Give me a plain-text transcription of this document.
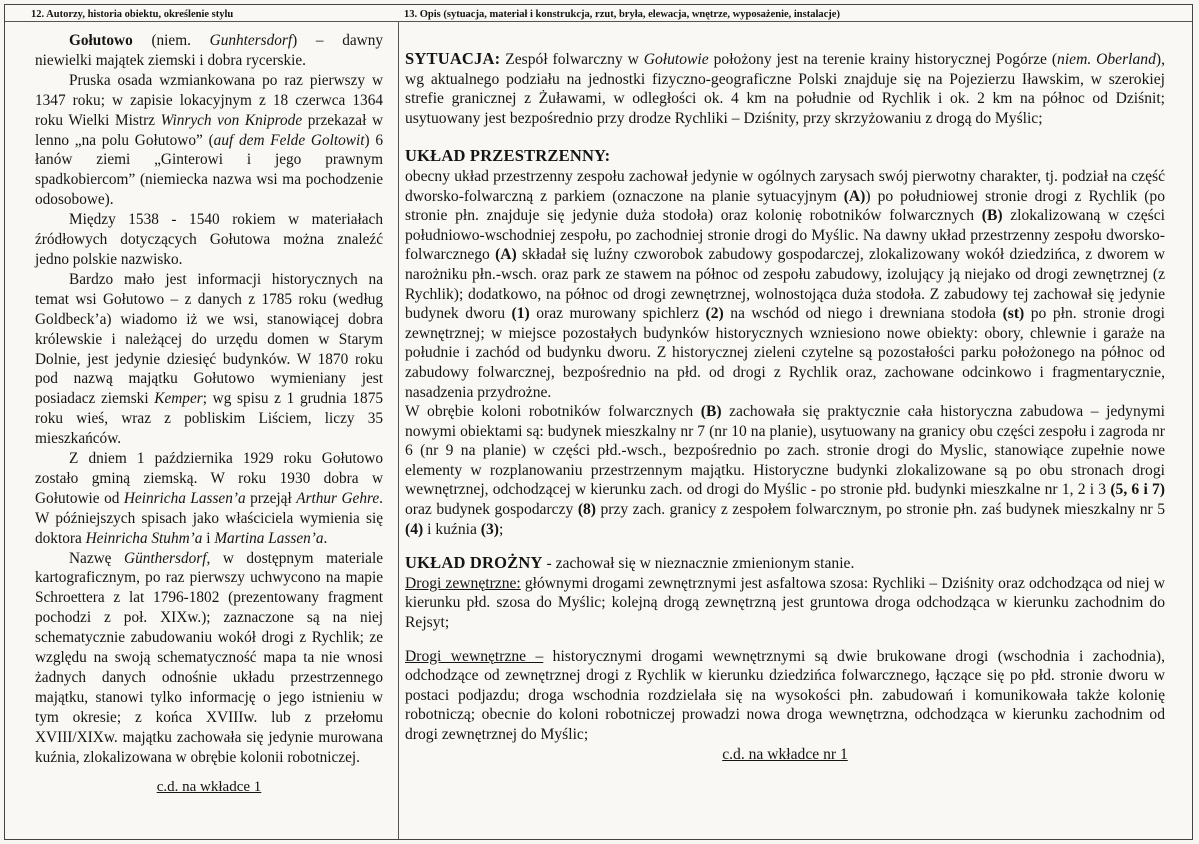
12. Autorzy, historia obiektu, określenie stylu	13. Opis (sytuacja, materiał i konstrukcja, rzut, bryła, elewacja, wnętrze, wyposażenie, instalacje)

Gołutowo (niem. Gunhtersdorf) – dawny niewielki majątek ziemski i dobra rycerskie.

Pruska osada wzmiankowana po raz pierwszy w 1347 roku; w zapisie lokacyjnym z 18 czerwca 1364 roku Wielki Mistrz Winrych von Kniprode przekazał w lenno „na polu Gołutowo” (auf dem Felde Goltowit) 6 łanów ziemi „Ginterowi i jego prawnym spadkobiercom” (niemiecka nazwa wsi ma pochodzenie odosobowe).

Między 1538 - 1540 rokiem w materiałach źródłowych dotyczących Gołutowa można znaleźć jedno polskie nazwisko.

Bardzo mało jest informacji historycznych na temat wsi Gołutowo – z danych z 1785 roku (według Goldbeck’a) wiadomo iż we wsi, stanowiącej dobra królewskie i należącej do urzędu domen w Starym Dolnie, jest jedynie dziesięć budynków. W 1870 roku pod nazwą majątku Gołutowo wymieniany jest posiadacz ziemski Kemper; wg spisu z 1 grudnia 1875 roku wieś, wraz z pobliskim Liściem, liczy 35 mieszkańców.

Z dniem 1 października 1929 roku Gołutowo zostało gminą ziemską. W roku 1930 dobra w Gołutowie od Heinricha Lassen’a przejął Arthur Gehre. W późniejszych spisach jako właściciela wymienia się doktora Heinricha Stuhm’a i Martina Lassen’a.

Nazwę Günthersdorf, w dostępnym materiale kartograficznym, po raz pierwszy uchwycono na mapie Schroettera z lat 1796-1802 (prezentowany fragment pochodzi z poł. XIXw.); zaznaczone są na niej schematycznie zabudowaniu wokół drogi z Rychlik; ze względu na swoją schematyczność mapa ta nie wnosi żadnych danych odnośnie układu przestrzennego majątku, stanowi tylko informację o jego istnieniu w tym okresie; z końca XVIIIw. lub z przełomu XVIII/XIXw. majątku zachowała się jedynie murowana kuźnia, zlokalizowana w obrębie kolonii robotniczej.

c.d. na wkładce 1

SYTUACJA: Zespół folwarczny w Gołutowie położony jest na terenie krainy historycznej Pogórze (niem. Oberland), wg aktualnego podziału na jednostki fizyczno-geograficzne Polski znajduje się na Pojezierzu Iławskim, w szerokiej strefie granicznej z Żuławami, w odległości ok. 4 km na południe od Rychlik i ok. 2 km na północ od Dziśnit; usytuowany jest bezpośrednio przy drodze Rychliki – Dziśnity, przy skrzyżowaniu z drogą do Myślic;

UKŁAD PRZESTRZENNY:

obecny układ przestrzenny zespołu zachował jedynie w ogólnych zarysach swój pierwotny charakter, tj. podział na część dworsko-folwarczną z parkiem (oznaczone na planie sytuacyjnym (A)) po południowej stronie drogi z Rychlik (po stronie płn. znajduje się jedynie duża stodoła) oraz kolonię robotników folwarcznych (B) zlokalizowaną w części południowo-wschodniej zespołu, po zachodniej stronie drogi do Myślic. Na dawny układ przestrzenny zespołu dworsko-folwarcznego (A) składał się luźny czworobok zabudowy gospodarczej, zlokalizowany wokół dziedzińca, z dworem w narożniku płn.-wsch. oraz park ze stawem na północ od zespołu zabudowy, izolujący ją niejako od drogi zewnętrznej (z Rychlik); dodatkowo, na północ od drogi zewnętrznej, wolnostojąca duża stodoła. Z zabudowy tej zachował się jedynie budynek dworu (1) oraz murowany spichlerz (2) na wschód od niego i drewniana stodoła (st) po płn. stronie drogi zewnętrznej; w miejsce pozostałych budynków historycznych wzniesiono nowe obiekty: obory, chlewnie i garaże na południe i zachód od budynku dworu. Z historycznej zieleni czytelne są pozostałości parku położonego na północ od zabudowy folwarcznej, bezpośrednio na płd. od drogi z Rychlik oraz, zachowane odcinkowo i fragmentarycznie, nasadzenia przydrożne.

W obrębie koloni robotników folwarcznych (B) zachowała się praktycznie cała historyczna zabudowa – jedynymi nowymi obiektami są: budynek mieszkalny nr 7 (nr 10 na planie), usytuowany na granicy obu części zespołu i zagroda nr 6 (nr 9 na planie) w części płd.-wsch., bezpośrednio po zach. stronie drogi do Myslic, stanowiące zupełnie nowe elementy w rozplanowaniu przestrzennym majątku. Historyczne budynki zlokalizowane są po obu stronach drogi wewnętrznej, odchodzącej w kierunku zach. od drogi do Myślic - po stronie płd. budynki mieszkalne nr 1, 2 i 3 (5, 6 i 7) oraz budynek gospodarczy (8) przy zach. granicy z zespołem folwarcznym, po stronie płn. zaś budynek mieszkalny nr 5 (4) i kuźnia (3);

UKŁAD DROŻNY - zachował się w nieznacznie zmienionym stanie.

Drogi zewnętrzne: głównymi drogami zewnętrznymi jest asfaltowa szosa: Rychliki – Dziśnity oraz odchodząca od niej w kierunku płd. szosa do Myślic; kolejną drogą zewnętrzną jest gruntowa droga odchodząca w kierunku zachodnim do Rejsyt;

Drogi wewnętrzne – historycznymi drogami wewnętrznymi są dwie brukowane drogi (wschodnia i zachodnia), odchodzące od zewnętrznej drogi z Rychlik w kierunku dziedzińca folwarcznego, łączące się po płd. stronie dworu w postaci podjazdu; droga wschodnia rozdzielała się na wysokości płn. zabudowań i komunikowała także kolonię robotniczą; obecnie do koloni robotniczej prowadzi nowa droga wewnętrzna, odchodząca w kierunku zachodnim od drogi zewnętrznej do Myślic;

c.d. na wkładce nr 1
